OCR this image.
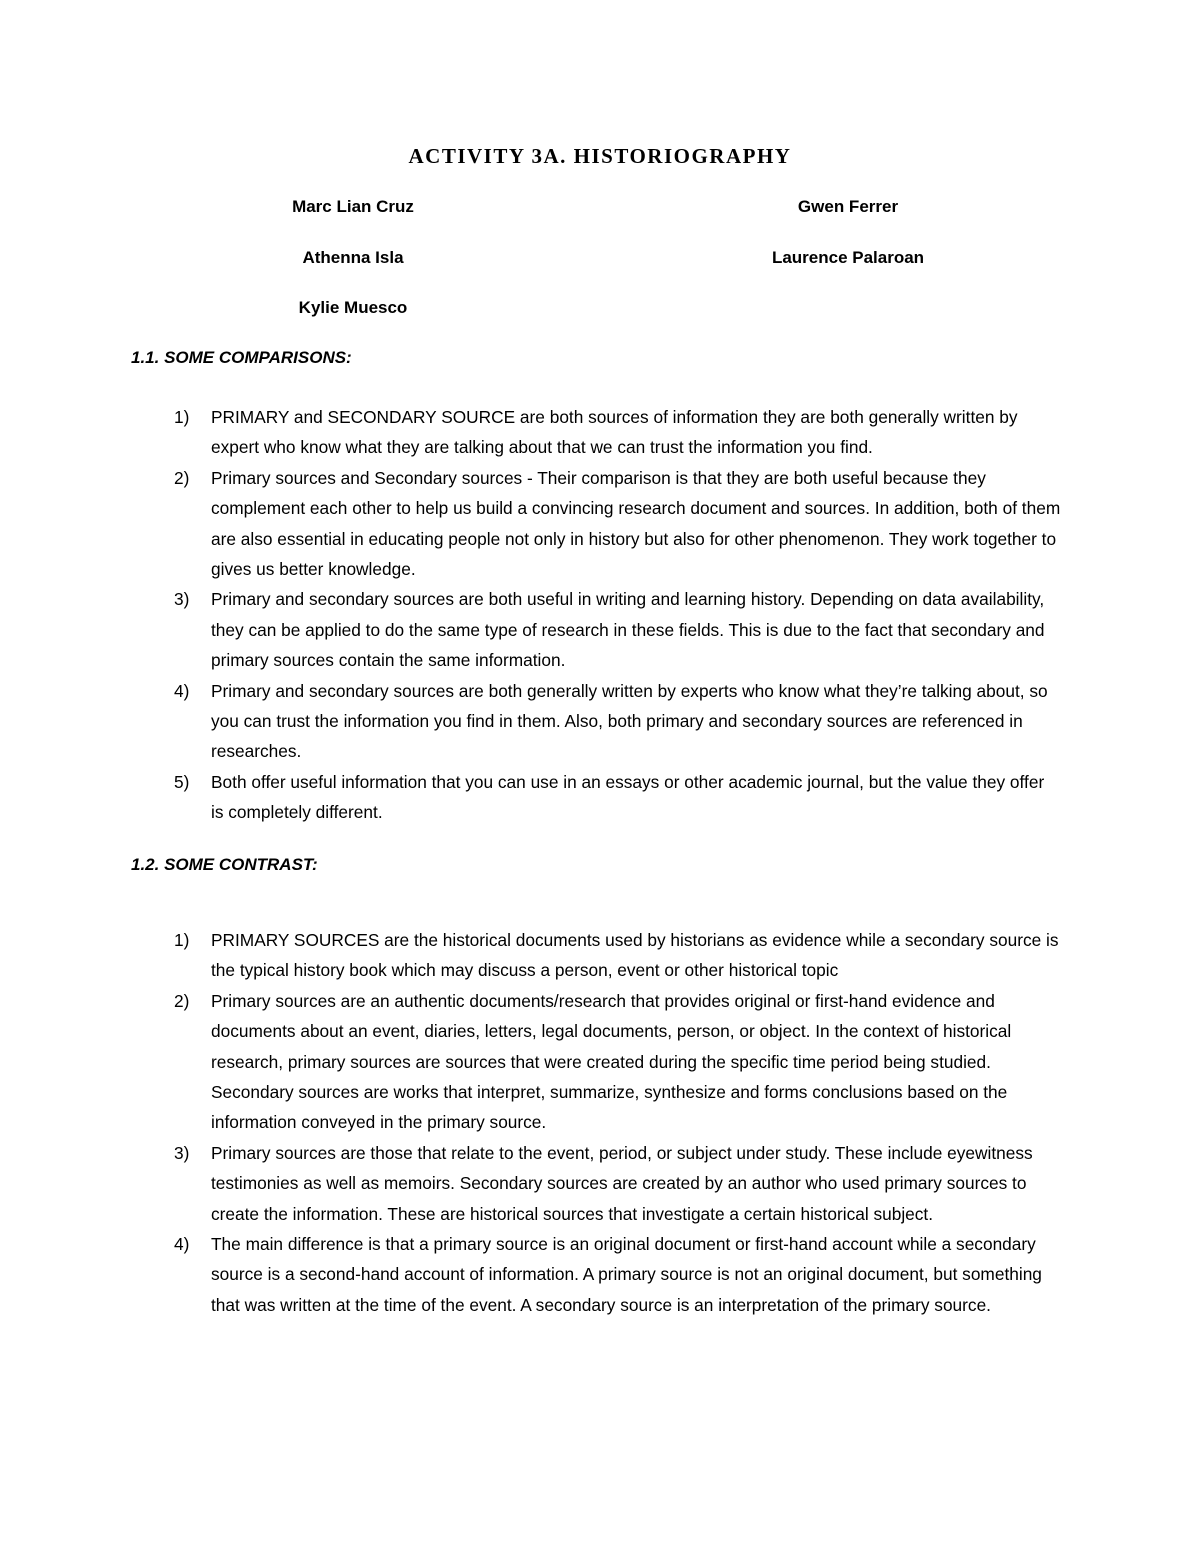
ACTIVITY 3A. HISTORIOGRAPHY
Marc Lian Cruz	Gwen Ferrer
Athenna Isla	Laurence Palaroan
Kylie Muesco
1.1. SOME COMPARISONS:
1) PRIMARY and SECONDARY SOURCE are both sources of information they are both generally written by expert who know what they are talking about that we can trust the information you find.
2) Primary sources and Secondary sources - Their comparison is that they are both useful because they complement each other to help us build a convincing research document and sources. In addition, both of them are also essential in educating people not only in history but also for other phenomenon. They work together to gives us better knowledge.
3) Primary and secondary sources are both useful in writing and learning history. Depending on data availability, they can be applied to do the same type of research in these fields. This is due to the fact that secondary and primary sources contain the same information.
4) Primary and secondary sources are both generally written by experts who know what they’re talking about, so you can trust the information you find in them. Also, both primary and secondary sources are referenced in researches.
5) Both offer useful information that you can use in an essays or other academic journal, but the value they offer is completely different.
1.2. SOME CONTRAST:
1) PRIMARY SOURCES are the historical documents used by historians as evidence while a secondary source is the typical history book which may discuss a person, event or other historical topic
2) Primary sources are an authentic documents/research that provides original or first-hand evidence and documents about an event, diaries, letters, legal documents, person, or object. In the context of historical research, primary sources are sources that were created during the specific time period being studied. Secondary sources are works that interpret, summarize, synthesize and forms conclusions based on the information conveyed in the primary source.
3) Primary sources are those that relate to the event, period, or subject under study. These include eyewitness testimonies as well as memoirs. Secondary sources are created by an author who used primary sources to create the information. These are historical sources that investigate a certain historical subject.
4) The main difference is that a primary source is an original document or first-hand account while a secondary source is a second-hand account of information. A primary source is not an original document, but something that was written at the time of the event. A secondary source is an interpretation of the primary source.
